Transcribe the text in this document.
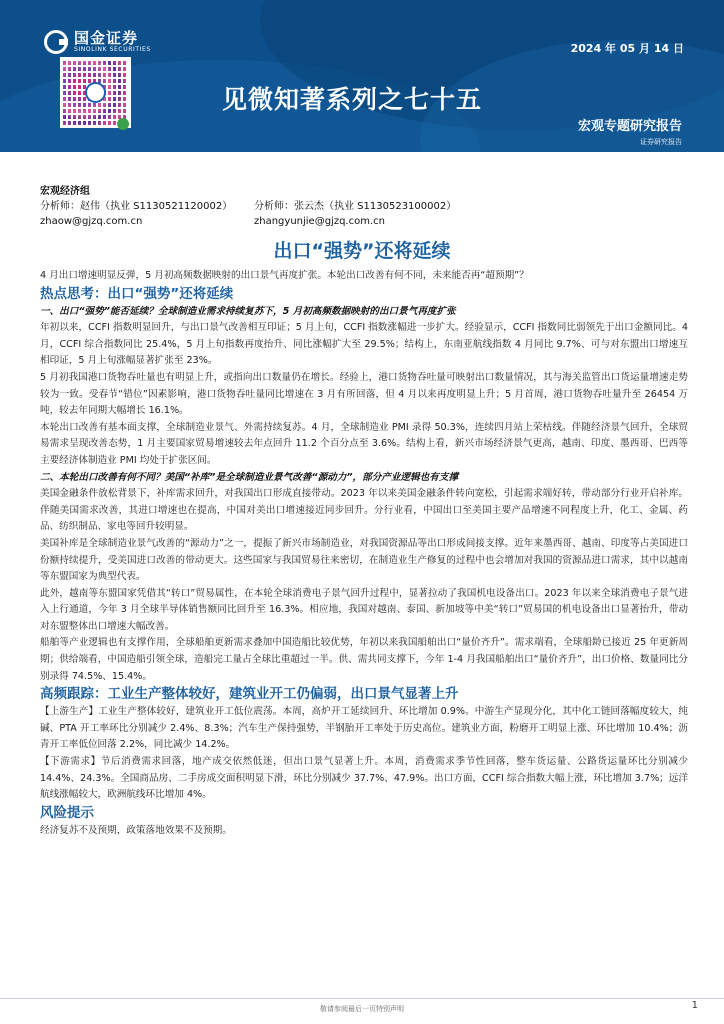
国金证券
SINOLINK SECURITIES	2024 年 05 月 14 日
见微知著系列之七十五
宏观专题研究报告
证券研究报告
宏观经济组
分析师：赵伟（执业 S1130521120002）	分析师：张云杰（执业 S1130523100002）
zhaow@gjzq.com.cn	zhangyunjie@gjzq.com.cn
出口“强势”还将延续

4 月出口增速明显反弹，5 月初高频数据映射的出口景气再度扩张。本轮出口改善有何不同，未来能否再“超预期”？

热点思考：出口“强势”还将延续

一、出口“强势”能否延续？全球制造业需求持续复苏下，5 月初高频数据映射的出口景气再度扩张

年初以来，CCFI 指数明显回升，与出口景气改善相互印证；5 月上旬，CCFI 指数涨幅进一步扩大。经验显示，CCFI 指数同比弱领先于出口金额同比。4 月，CCFI 综合指数同比 25.4%，5 月上旬指数再度抬升、同比涨幅扩大至 29.5%；结构上，东南亚航线指数 4 月同比 9.7%、可与对东盟出口增速互相印证，5 月上旬涨幅显著扩张至 23%。

5 月初我国港口货物吞吐量也有明显上升，或指向出口数量仍在增长。经验上，港口货物吞吐量可映射出口数量情况，其与海关监管出口货运量增速走势较为一致。受春节“错位”因素影响，港口货物吞吐量同比增速在 3 月有所回落，但 4 月以来再度明显上升；5 月首周，港口货物吞吐量升至 26454 万吨，较去年同期大幅增长 16.1%。

本轮出口改善有基本面支撑，全球制造业景气、外需持续复苏。4 月，全球制造业 PMI 录得 50.3%，连续四月站上荣枯线。伴随经济景气回升，全球贸易需求呈现改善态势，1 月主要国家贸易增速较去年点回升 11.2 个百分点至 3.6%。结构上看，新兴市场经济景气更高，越南、印度、墨西哥、巴西等主要经济体制造业 PMI 均处于扩张区间。

二、本轮出口改善有何不同？美国“补库”是全球制造业景气改善“源动力”，部分产业逻辑也有支撑

美国金融条件放松背景下，补库需求回升，对我国出口形成直接带动。2023 年以来美国金融条件转向宽松，引起需求端好转，带动部分行业开启补库。伴随美国需求改善，其进口增速也在提高，中国对美出口增速接近同步回升。分行业看，中国出口至美国主要产品增速不同程度上升，化工、金属、药品、纺织制品、家电等回升较明显。

美国补库是全球制造业景气改善的“源动力”之一，提振了新兴市场制造业，对我国资源品等出口形成间接支撑。近年来墨西哥、越南、印度等占美国进口份额持续提升，受美国进口改善的带动更大。这些国家与我国贸易往来密切，在制造业生产修复的过程中也会增加对我国的资源品进口需求，其中以越南等东盟国家为典型代表。

此外，越南等东盟国家凭借其“转口”贸易属性，在本轮全球消费电子景气回升过程中，显著拉动了我国机电设备出口。2023 年以来全球消费电子景气进入上行通道，今年 3 月全球半导体销售额同比回升至 16.3%。相应地，我国对越南、泰国、新加坡等中美“转口”贸易国的机电设备出口显著抬升，带动对东盟整体出口增速大幅改善。

船舶等产业逻辑也有支撑作用，全球船舶更新需求叠加中国造船比较优势，年初以来我国船舶出口“量价齐升”。需求端看，全球船龄已接近 25 年更新周期；供给端看，中国造船引领全球，造船完工量占全球比重超过一半。供、需共同支撑下，今年 1-4 月我国船舶出口“量价齐升”，出口价格、数量同比分别录得 74.5%、15.4%。

高频跟踪：工业生产整体较好，建筑业开工仍偏弱，出口景气显著上升

【上游生产】工业生产整体较好，建筑业开工低位震荡。本周，高炉开工延续回升、环比增加 0.9%。中游生产显现分化，其中化工链回落幅度较大，纯碱、PTA 开工率环比分别减少 2.4%、8.3%；汽车生产保持强势，半钢胎开工率处于历史高位。建筑业方面，粉磨开工明显上涨、环比增加 10.4%；沥青开工率低位回落 2.2%，同比减少 14.2%。

【下游需求】节后消费需求回落，地产成交依然低迷，但出口景气显著上升。本周，消费需求季节性回落，整车货运量、公路货运量环比分别减少 14.4%、24.3%。全国商品房、二手房成交面积明显下滑，环比分别减少 37.7%、47.9%。出口方面，CCFI 综合指数大幅上涨，环比增加 3.7%；远洋航线涨幅较大，欧洲航线环比增加 4%。

风险提示

经济复苏不及预期，政策落地效果不及预期。

敬请参阅最后一页特别声明	1
